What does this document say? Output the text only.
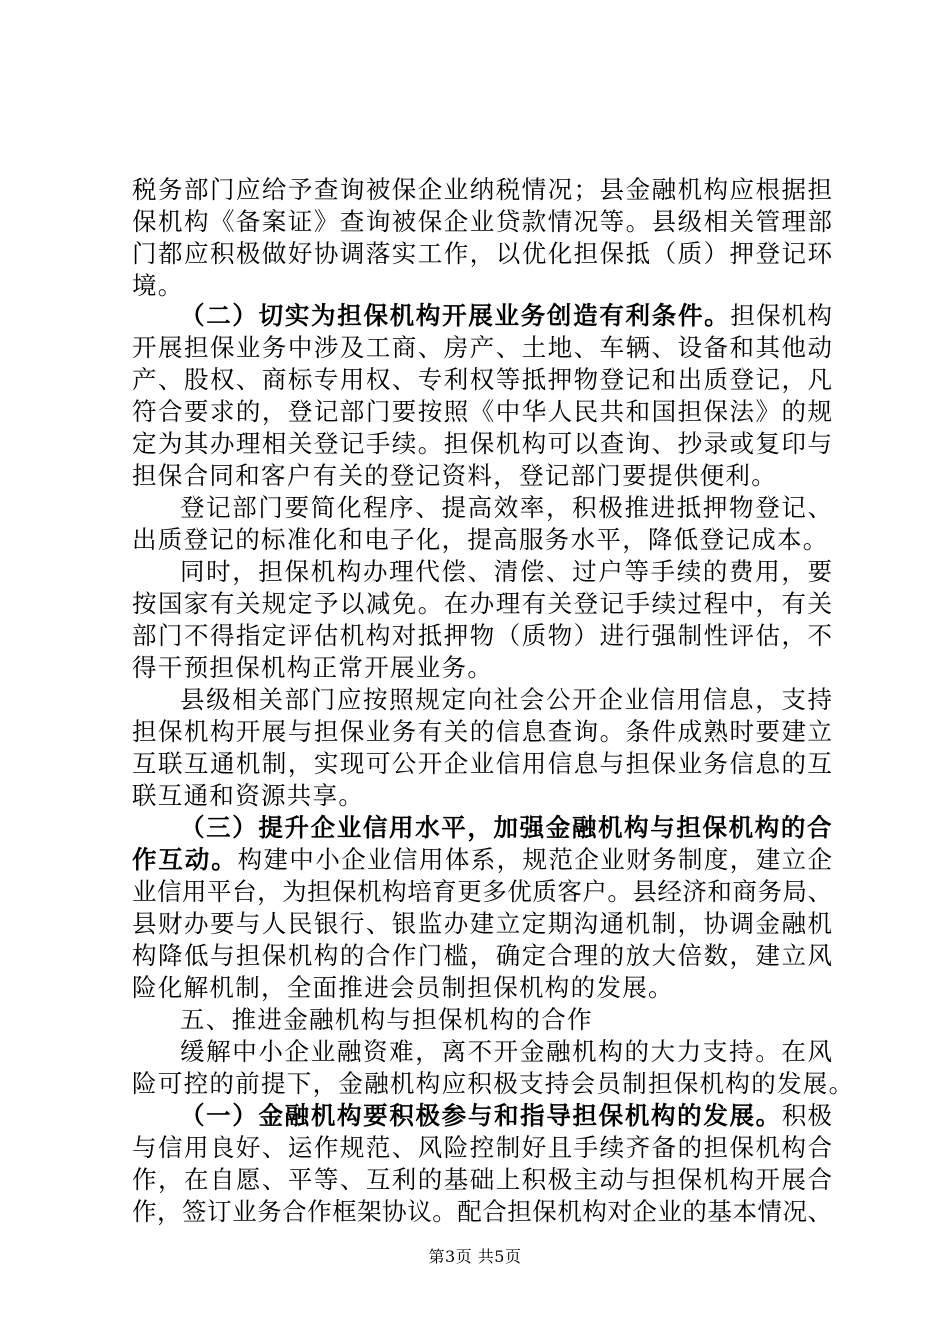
税务部门应给予查询被保企业纳税情况；县金融机构应根据担
保机构《备案证》查询被保企业贷款情况等。县级相关管理部
门都应积极做好协调落实工作，以优化担保抵（质）押登记环
境。
（二）切实为担保机构开展业务创造有利条件。担保机构
开展担保业务中涉及工商、房产、土地、车辆、设备和其他动
产、股权、商标专用权、专利权等抵押物登记和出质登记，凡
符合要求的，登记部门要按照《中华人民共和国担保法》的规
定为其办理相关登记手续。担保机构可以查询、抄录或复印与
担保合同和客户有关的登记资料，登记部门要提供便利。
登记部门要简化程序、提高效率，积极推进抵押物登记、
出质登记的标准化和电子化，提高服务水平，降低登记成本。
同时，担保机构办理代偿、清偿、过户等手续的费用，要
按国家有关规定予以减免。在办理有关登记手续过程中，有关
部门不得指定评估机构对抵押物（质物）进行强制性评估，不
得干预担保机构正常开展业务。
县级相关部门应按照规定向社会公开企业信用信息，支持
担保机构开展与担保业务有关的信息查询。条件成熟时要建立
互联互通机制，实现可公开企业信用信息与担保业务信息的互
联互通和资源共享。
（三）提升企业信用水平，加强金融机构与担保机构的合
作互动。构建中小企业信用体系，规范企业财务制度，建立企
业信用平台，为担保机构培育更多优质客户。县经济和商务局、
县财办要与人民银行、银监办建立定期沟通机制，协调金融机
构降低与担保机构的合作门槛，确定合理的放大倍数，建立风
险化解机制，全面推进会员制担保机构的发展。
五、推进金融机构与担保机构的合作
缓解中小企业融资难，离不开金融机构的大力支持。在风
险可控的前提下，金融机构应积极支持会员制担保机构的发展。
（一）金融机构要积极参与和指导担保机构的发展。积极
与信用良好、运作规范、风险控制好且手续齐备的担保机构合
作，在自愿、平等、互利的基础上积极主动与担保机构开展合
作，签订业务合作框架协议。配合担保机构对企业的基本情况、
第3页 共5页
